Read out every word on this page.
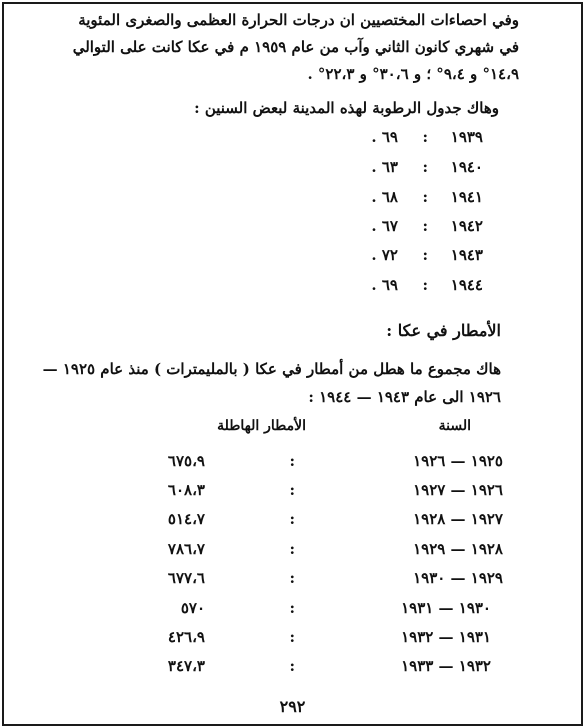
وفي احصاءات المختصيين ان درجات الحرارة العظمى والصغرى المئوية
في شهري كانون الثاني وآب من عام ١٩٥٩ م في عكا كانت على التوالي
١٤،٩° و ٩،٤° ؛ و ٣٠،٦° و ٢٢،٣° .
وهاك جدول الرطوبة لهذه المدينة لبعض السنين :
١٩٣٩
:
٦٩ .
١٩٤٠
:
٦٣ .
١٩٤١
:
٦٨ .
١٩٤٢
:
٦٧ .
١٩٤٣
:
٧٢ .
١٩٤٤
:
٦٩ .
الأمطار في عكا :
هاك مجموع ما هطل من أمطار في عكا ( بالمليمترات ) منذ عام ١٩٢٥ —
١٩٢٦ الى عام ١٩٤٣ — ١٩٤٤ :
السنة
الأمطار الهاطلة
١٩٢٥ — ١٩٢٦
:
٦٧٥،٩
١٩٢٦ — ١٩٢٧
:
٦٠٨،٣
١٩٢٧ — ١٩٢٨
:
٥١٤،٧
١٩٢٨ — ١٩٢٩
:
٧٨٦،٧
١٩٢٩ — ١٩٣٠
:
٦٧٧،٦
١٩٣٠ — ١٩٣١
:
٥٧٠
١٩٣١ — ١٩٣٢
:
٤٢٦،٩
١٩٣٢ — ١٩٣٣
:
٣٤٧،٣
٢٩٢
